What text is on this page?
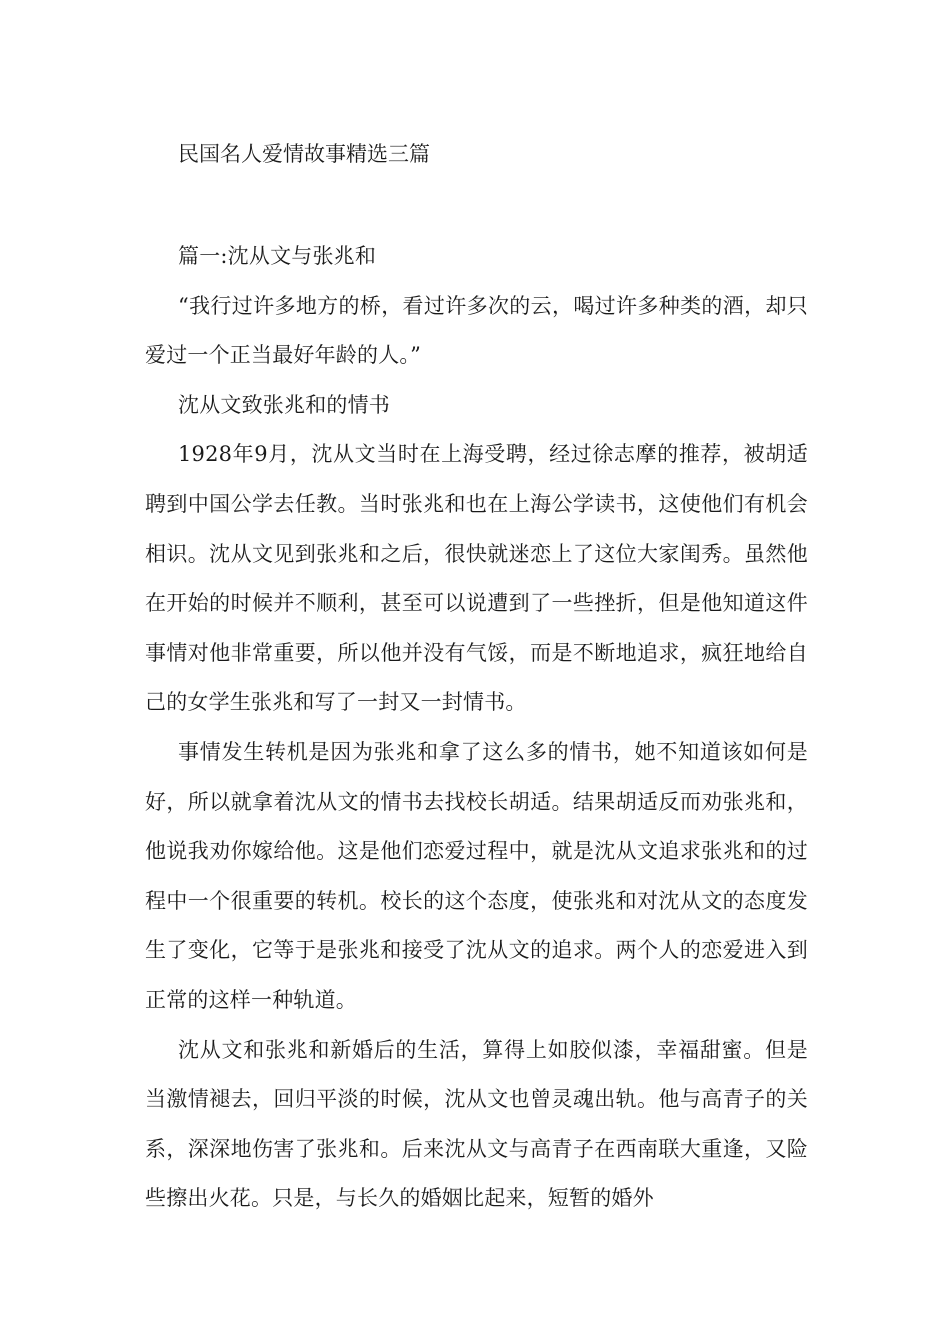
民国名人爱情故事精选三篇

篇一:沈从文与张兆和

“我行过许多地方的桥，看过许多次的云，喝过许多种类的酒，却只爱过一个正当最好年龄的人。”

沈从文致张兆和的情书

1928年9月，沈从文当时在上海受聘，经过徐志摩的推荐，被胡适聘到中国公学去任教。当时张兆和也在上海公学读书，这使他们有机会相识。沈从文见到张兆和之后，很快就迷恋上了这位大家闺秀。虽然他在开始的时候并不顺利，甚至可以说遭到了一些挫折，但是他知道这件事情对他非常重要，所以他并没有气馁，而是不断地追求，疯狂地给自己的女学生张兆和写了一封又一封情书。

事情发生转机是因为张兆和拿了这么多的情书，她不知道该如何是好，所以就拿着沈从文的情书去找校长胡适。结果胡适反而劝张兆和，他说我劝你嫁给他。这是他们恋爱过程中，就是沈从文追求张兆和的过程中一个很重要的转机。校长的这个态度，使张兆和对沈从文的态度发生了变化，它等于是张兆和接受了沈从文的追求。两个人的恋爱进入到正常的这样一种轨道。

沈从文和张兆和新婚后的生活，算得上如胶似漆，幸福甜蜜。但是当激情褪去，回归平淡的时候，沈从文也曾灵魂出轨。他与高青子的关系，深深地伤害了张兆和。后来沈从文与高青子在西南联大重逢，又险些擦出火花。只是，与长久的婚姻比起来，短暂的婚外
